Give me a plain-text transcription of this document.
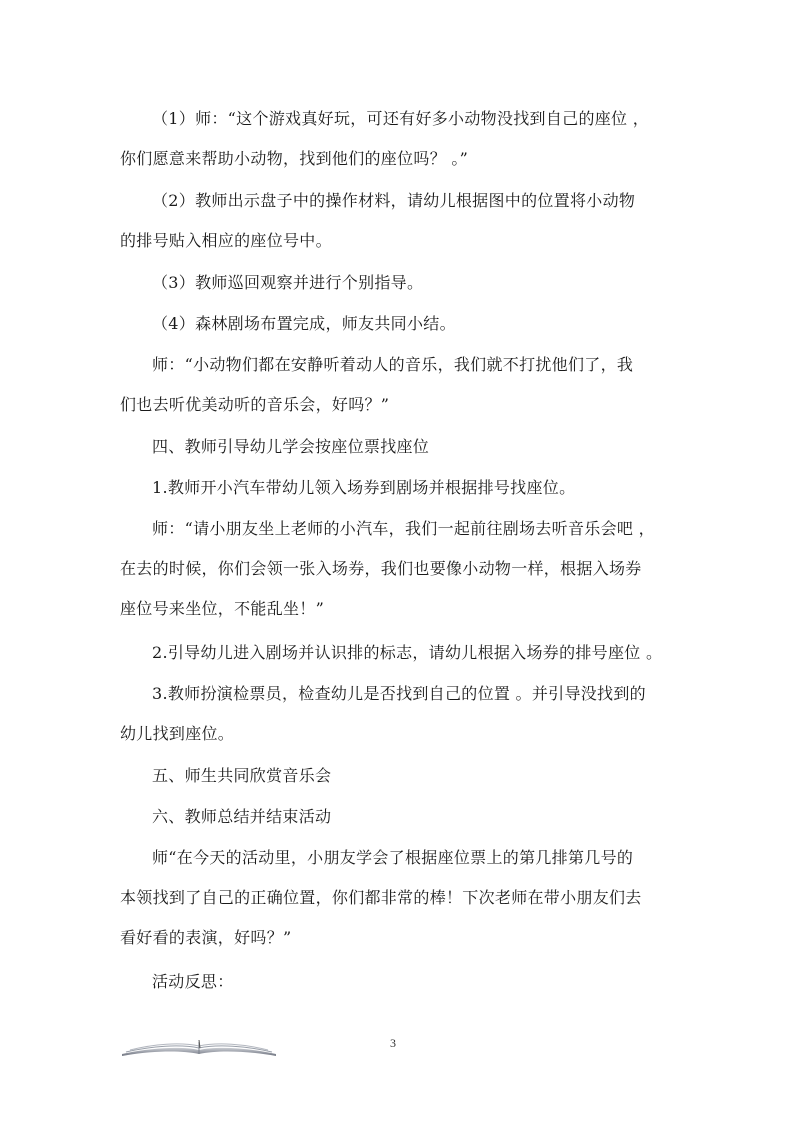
（1）师：“这个游戏真好玩，可还有好多小动物没找到自己的座位 ，
你们愿意来帮助小动物，找到他们的座位吗？ 。”

（2）教师出示盘子中的操作材料，请幼儿根据图中的位置将小动物
的排号贴入相应的座位号中。

（3）教师巡回观察并进行个别指导。

（4）森林剧场布置完成，师友共同小结。

师：“小动物们都在安静听着动人的音乐，我们就不打扰他们了，我
们也去听优美动听的音乐会，好吗？”

四、教师引导幼儿学会按座位票找座位

1.教师开小汽车带幼儿领入场券到剧场并根据排号找座位。

师：“请小朋友坐上老师的小汽车，我们一起前往剧场去听音乐会吧 ，
在去的时候，你们会领一张入场券，我们也要像小动物一样，根据入场券
座位号来坐位，不能乱坐！”

2.引导幼儿进入剧场并认识排的标志，请幼儿根据入场券的排号座位 。

3.教师扮演检票员，检查幼儿是否找到自己的位置 。并引导没找到的
幼儿找到座位。

五、师生共同欣赏音乐会

六、教师总结并结束活动

师“在今天的活动里，小朋友学会了根据座位票上的第几排第几号的
本领找到了自己的正确位置，你们都非常的棒！下次老师在带小朋友们去
看好看的表演，好吗？”

活动反思：

3
